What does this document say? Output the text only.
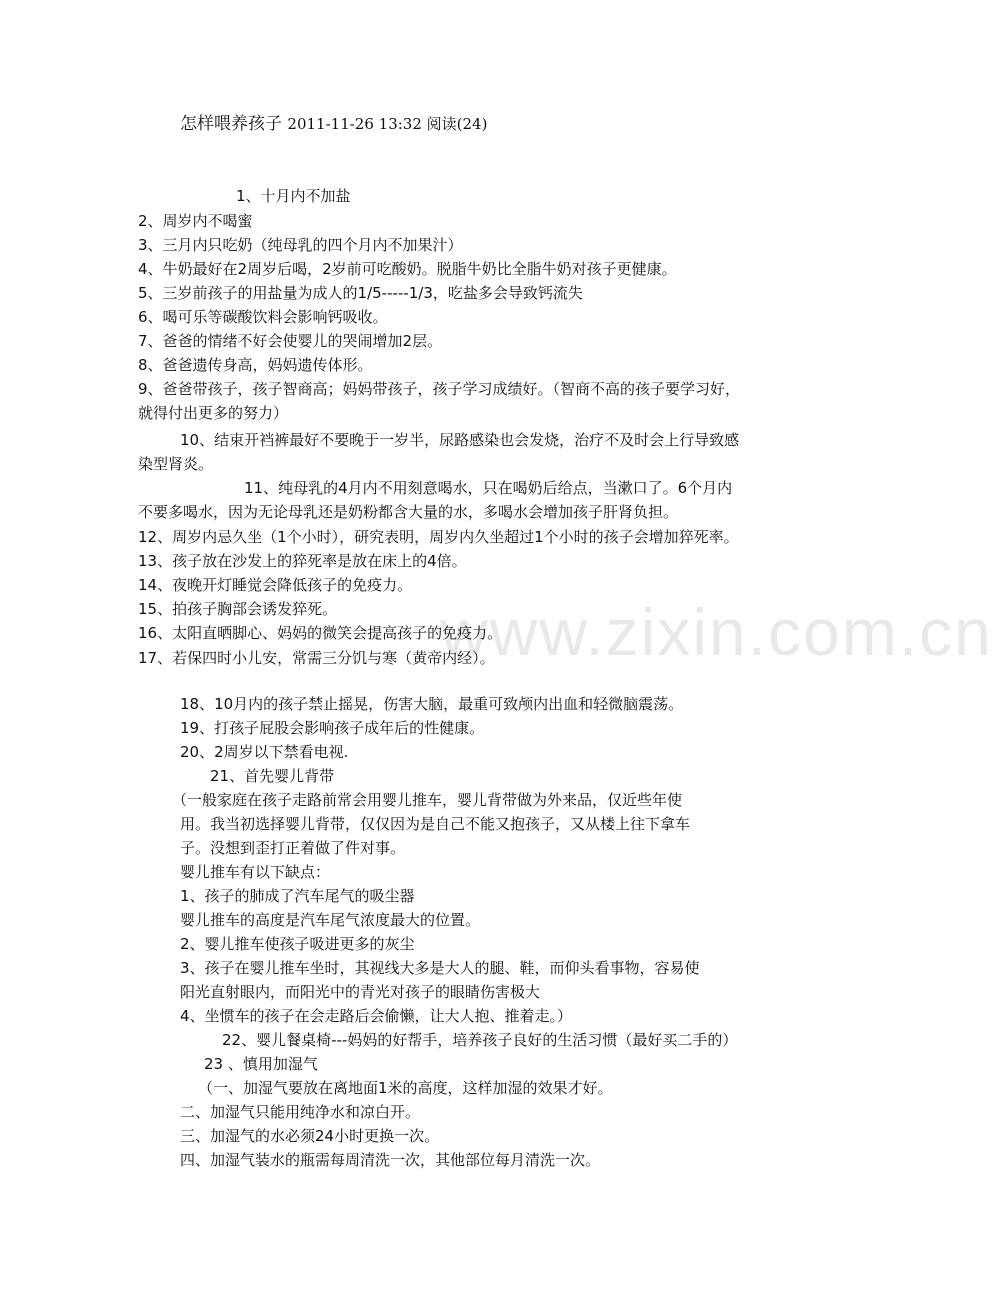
www.zixin.com.cn
怎样喂养孩子 2011-11-26 13:32 阅读(24)
1、十月内不加盐
2、周岁内不喝蜜
3、三月内只吃奶（纯母乳的四个月内不加果汁）
4、牛奶最好在2周岁后喝，2岁前可吃酸奶。脱脂牛奶比全脂牛奶对孩子更健康。
5、三岁前孩子的用盐量为成人的1/5-----1/3，吃盐多会导致钙流失
6、喝可乐等碳酸饮料会影响钙吸收。
7、爸爸的情绪不好会使婴儿的哭闹增加2层。
8、爸爸遗传身高，妈妈遗传体形。
9、爸爸带孩子，孩子智商高；妈妈带孩子，孩子学习成绩好。（智商不高的孩子要学习好，
就得付出更多的努力）
10、结束开裆裤最好不要晚于一岁半，尿路感染也会发烧，治疗不及时会上行导致感
染型肾炎。
11、纯母乳的4月内不用刻意喝水，只在喝奶后给点，当漱口了。6个月内
不要多喝水，因为无论母乳还是奶粉都含大量的水，多喝水会增加孩子肝肾负担。
12、周岁内忌久坐（1个小时），研究表明，周岁内久坐超过1个小时的孩子会增加猝死率。
13、孩子放在沙发上的猝死率是放在床上的4倍。
14、夜晚开灯睡觉会降低孩子的免疫力。
15、拍孩子胸部会诱发猝死。
16、太阳直晒脚心、妈妈的微笑会提高孩子的免疫力。
17、若保四时小儿安，常需三分饥与寒（黄帝内经）。
18、10月内的孩子禁止摇晃，伤害大脑，最重可致颅内出血和轻微脑震荡。
19、打孩子屁股会影响孩子成年后的性健康。
20、2周岁以下禁看电视.
21、首先婴儿背带
（一般家庭在孩子走路前常会用婴儿推车，婴儿背带做为外来品，仅近些年使
用。我当初选择婴儿背带，仅仅因为是自己不能又抱孩子，又从楼上往下拿车
子。没想到歪打正着做了件对事。
婴儿推车有以下缺点：
1、孩子的肺成了汽车尾气的吸尘器
婴儿推车的高度是汽车尾气浓度最大的位置。
2、婴儿推车使孩子吸进更多的灰尘
3、孩子在婴儿推车坐时，其视线大多是大人的腿、鞋，而仰头看事物，容易使
阳光直射眼内，而阳光中的青光对孩子的眼睛伤害极大
4、坐惯车的孩子在会走路后会偷懒，让大人抱、推着走。）
22、婴儿餐桌椅---妈妈的好帮手，培养孩子良好的生活习惯（最好买二手的）
23 、慎用加湿气
（一、加湿气要放在离地面1米的高度，这样加湿的效果才好。
二、加湿气只能用纯净水和凉白开。
三、加湿气的水必须24小时更换一次。
四、加湿气装水的瓶需每周清洗一次，其他部位每月清洗一次。
